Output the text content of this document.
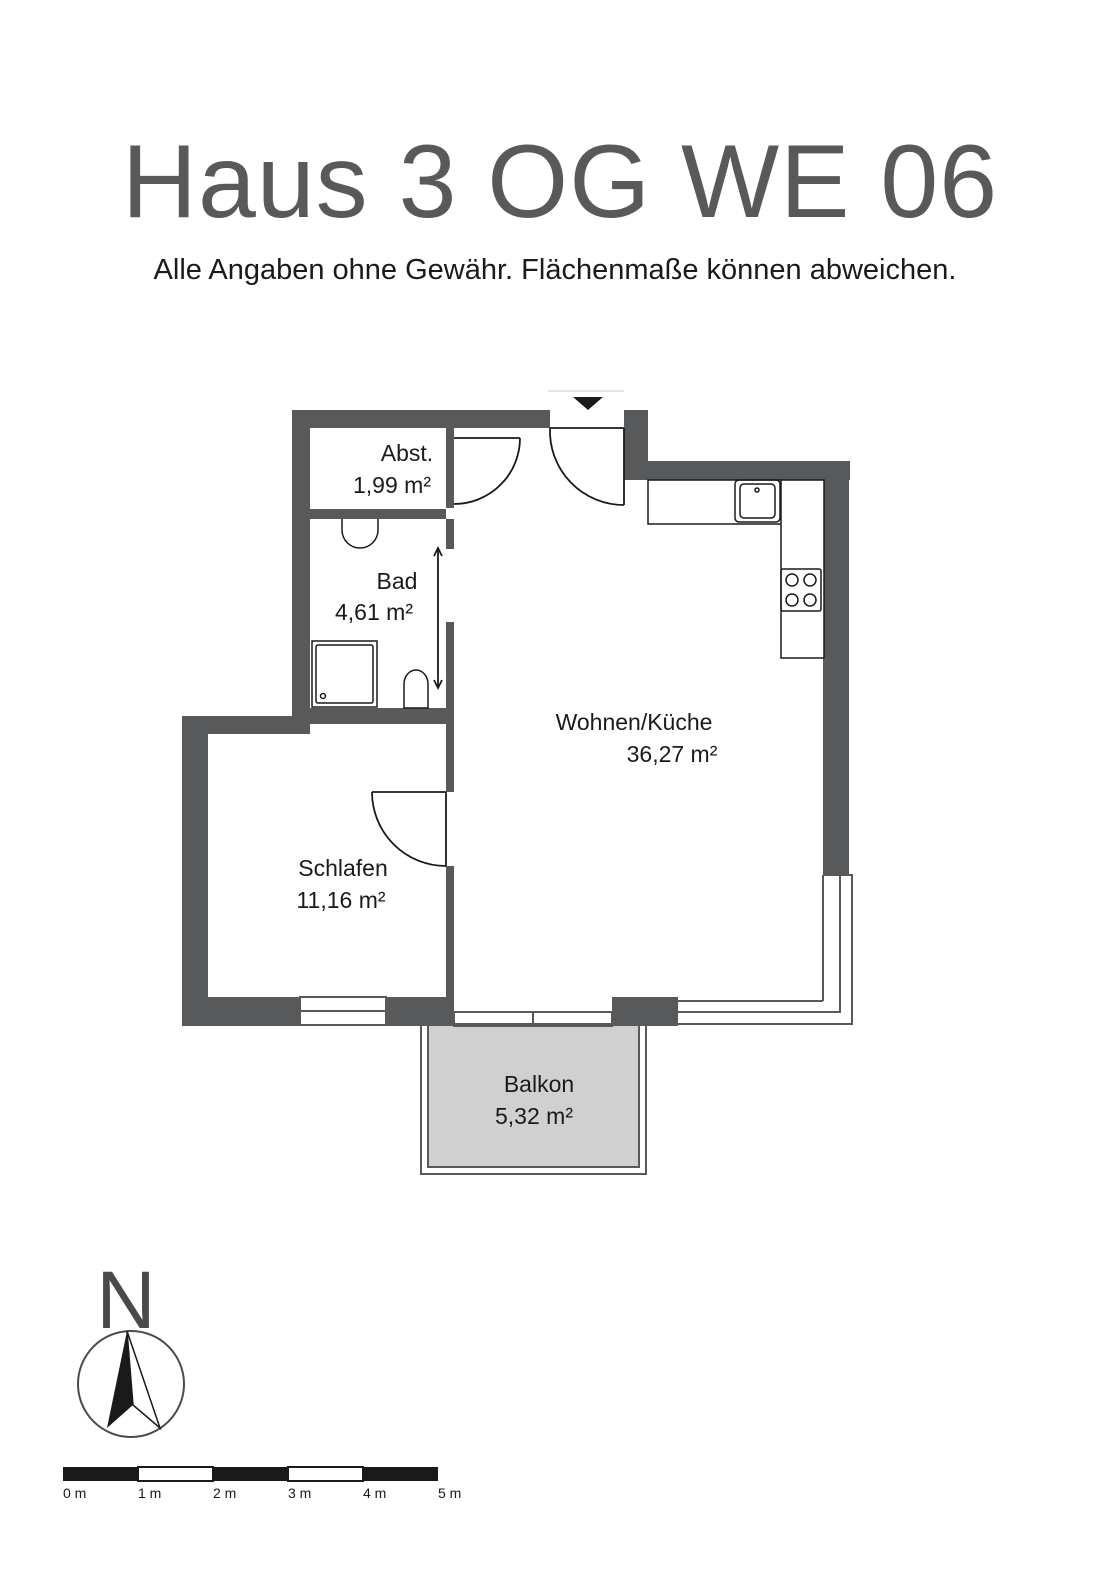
Haus 3 OG WE 06
Alle Angaben ohne Gewähr. Flächenmaße können abweichen.
Abst.
1,99 m²
Bad
4,61 m²
Wohnen/Küche
36,27 m²
Schlafen
11,16 m²
Balkon
5,32 m²
N
0 m	1 m	2 m	3 m	4 m	5 m
